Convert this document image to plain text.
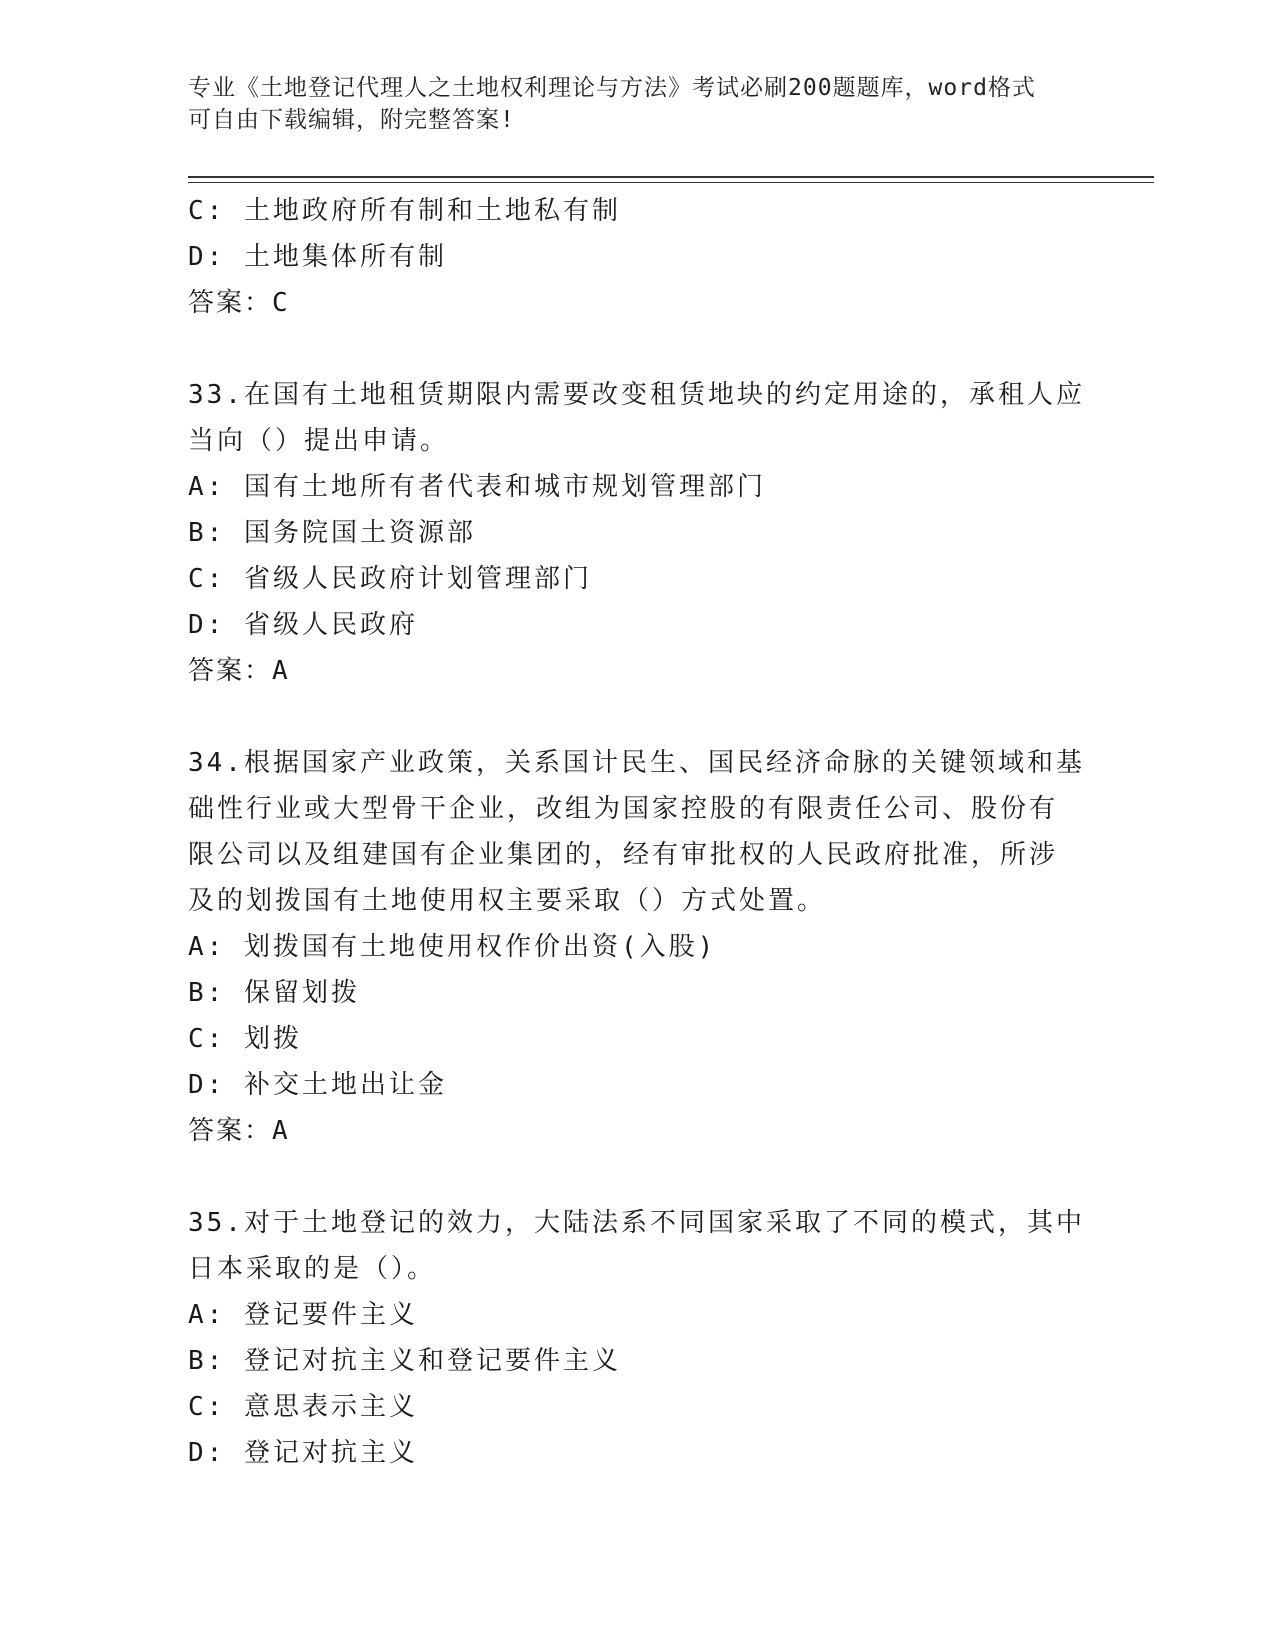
专业《土地登记代理人之土地权利理论与方法》考试必刷200题题库，word格式
可自由下载编辑，附完整答案!
C: 土地政府所有制和土地私有制
D: 土地集体所有制
答案：C
33.在国有土地租赁期限内需要改变租赁地块的约定用途的，承租人应
当向（）提出申请。
A: 国有土地所有者代表和城市规划管理部门
B: 国务院国土资源部
C: 省级人民政府计划管理部门
D: 省级人民政府
答案：A
34.根据国家产业政策，关系国计民生、国民经济命脉的关键领域和基
础性行业或大型骨干企业，改组为国家控股的有限责任公司、股份有
限公司以及组建国有企业集团的，经有审批权的人民政府批准，所涉
及的划拨国有土地使用权主要采取（）方式处置。
A: 划拨国有土地使用权作价出资(入股)
B: 保留划拨
C: 划拨
D: 补交土地出让金
答案：A
35.对于土地登记的效力，大陆法系不同国家采取了不同的模式，其中
日本采取的是（）。
A: 登记要件主义
B: 登记对抗主义和登记要件主义
C: 意思表示主义
D: 登记对抗主义
